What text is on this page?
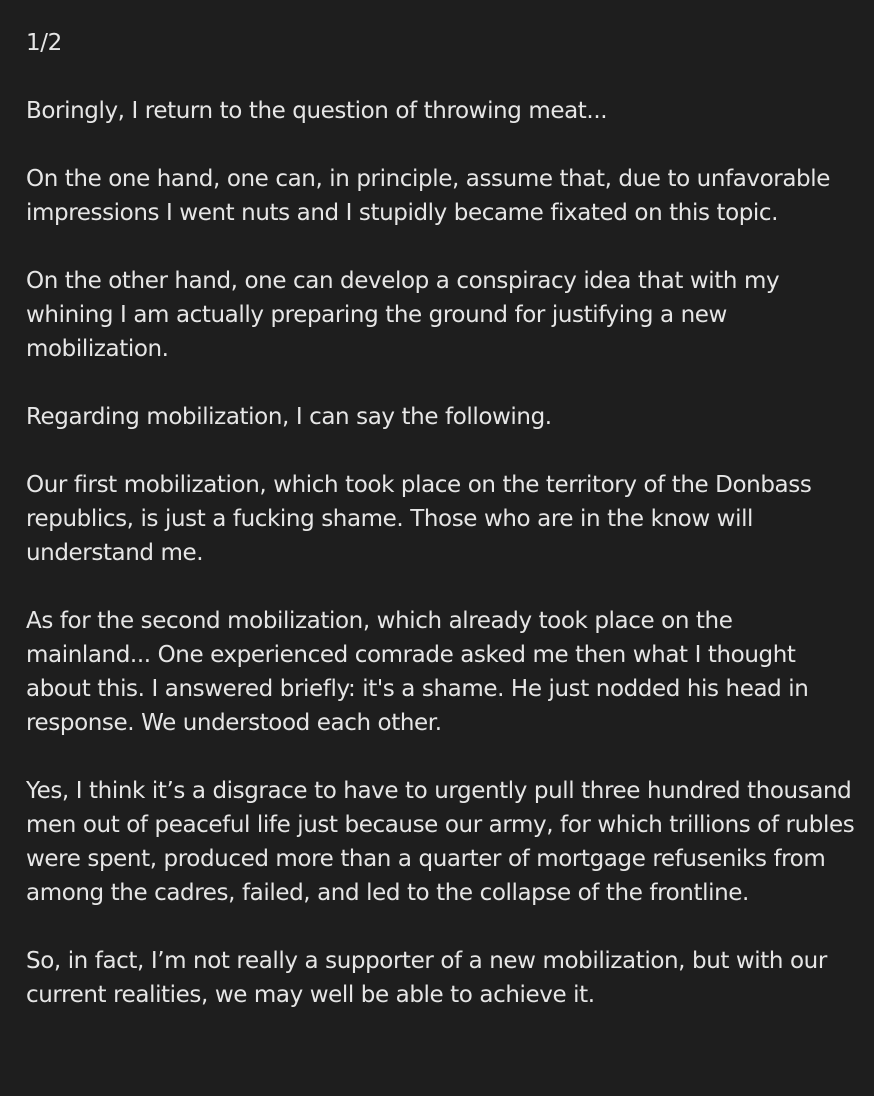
1/2

Boringly, I return to the question of throwing meat...

On the one hand, one can, in principle, assume that, due to unfavorable impressions I went nuts and I stupidly became fixated on this topic.

On the other hand, one can develop a conspiracy idea that with my whining I am actually preparing the ground for justifying a new mobilization.

Regarding mobilization, I can say the following.

Our first mobilization, which took place on the territory of the Donbass republics, is just a fucking shame. Those who are in the know will understand me.

As for the second mobilization, which already took place on the mainland... One experienced comrade asked me then what I thought about this. I answered briefly: it's a shame. He just nodded his head in response. We understood each other.

Yes, I think it’s a disgrace to have to urgently pull three hundred thousand men out of peaceful life just because our army, for which trillions of rubles were spent, produced more than a quarter of mortgage refuseniks from among the cadres, failed, and led to the collapse of the frontline.

So, in fact, I’m not really a supporter of a new mobilization, but with our current realities, we may well be able to achieve it.
